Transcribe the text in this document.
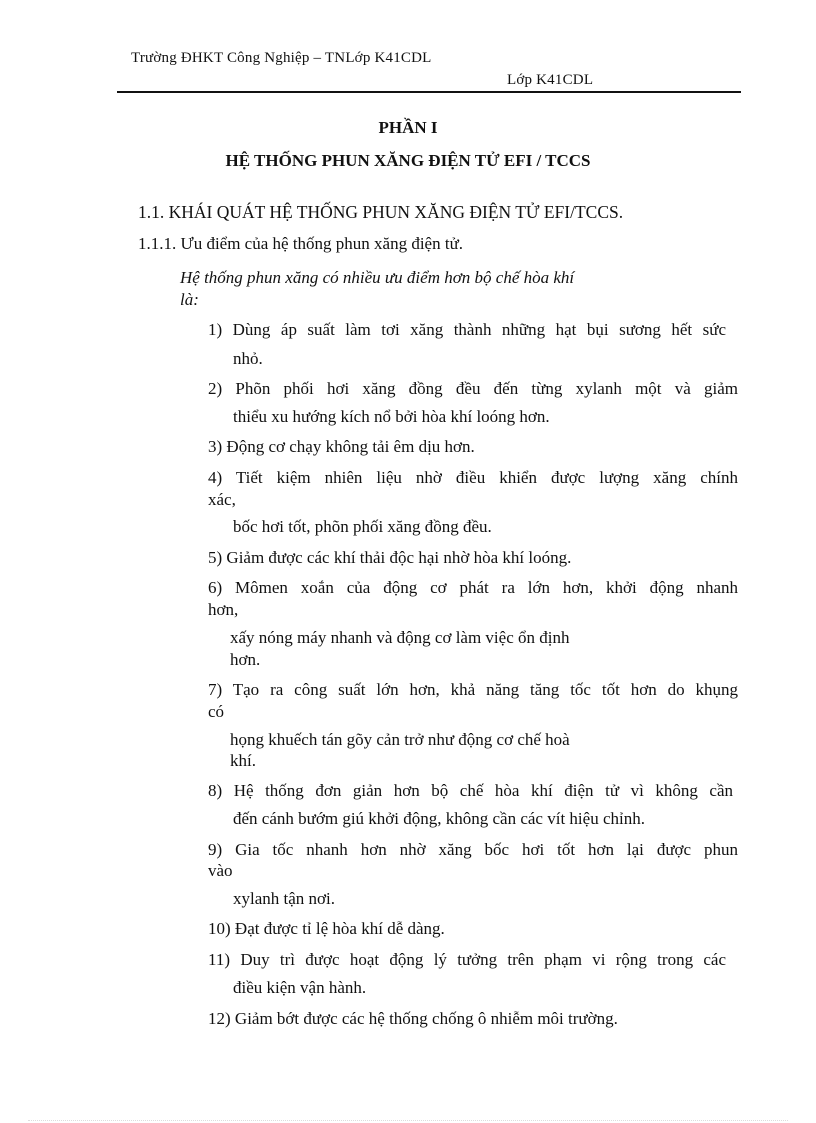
Trường ĐHKT Công Nghiệp – TNLớp K41CDL
Lớp K41CDL
PHẦN I
HỆ THỐNG PHUN XĂNG ĐIỆN TỬ EFI / TCCS
1.1. KHÁI QUÁT HỆ THỐNG PHUN XĂNG ĐIỆN TỬ EFI/TCCS.
1.1.1. Ưu điểm của hệ thống phun xăng điện tử.
Hệ thống phun xăng có nhiều ưu điểm hơn bộ chế hòa khí
là:
1) Dùng áp suất làm tơi xăng thành những hạt bụi sương hết sức
nhỏ.
2) Phõn phối hơi xăng đồng đều đến từng xylanh một và giảm
thiểu xu hướng kích nổ bởi hòa khí loóng hơn.
3) Động cơ chạy không tải êm dịu hơn.
4) Tiết kiệm nhiên liệu nhờ điều khiển được lượng xăng chính
xác,
bốc hơi tốt, phõn phối xăng đồng đều.
5) Giảm được các khí thải độc hại nhờ hòa khí loóng.
6) Mômen xoắn của động cơ phát ra lớn hơn, khởi động nhanh
hơn,
xấy nóng máy nhanh và động cơ làm việc ổn định
hơn.
7) Tạo ra công suất lớn hơn, khả năng tăng tốc tốt hơn do khụng
có
họng khuếch tán gõy cản trở như động cơ chế hoà
khí.
8) Hệ thống đơn giản hơn bộ chế hòa khí điện tử vì không cần
đến cánh bướm giú khởi động, không cần các vít hiệu chỉnh.
9) Gia tốc nhanh hơn nhờ xăng bốc hơi tốt hơn lại được phun
vào
xylanh tận nơi.
10) Đạt được tỉ lệ hòa khí dễ dàng.
11) Duy trì được hoạt động lý tưởng trên phạm vi rộng trong các
điều kiện vận hành.
12) Giảm bớt được các hệ thống chống ô nhiễm môi trường.
